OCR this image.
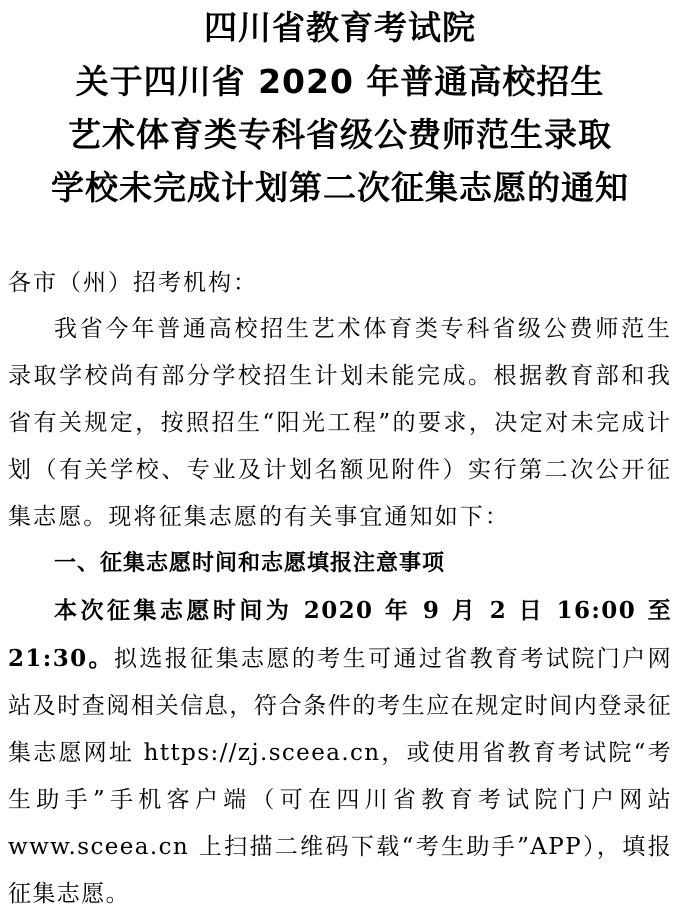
四川省教育考试院
关于四川省 2020 年普通高校招生
艺术体育类专科省级公费师范生录取
学校未完成计划第二次征集志愿的通知

各市（州）招考机构：

我省今年普通高校招生艺术体育类专科省级公费师范生录取学校尚有部分学校招生计划未能完成。根据教育部和我省有关规定，按照招生“阳光工程”的要求，决定对未完成计划（有关学校、专业及计划名额见附件）实行第二次公开征集志愿。现将征集志愿的有关事宜通知如下：

一、征集志愿时间和志愿填报注意事项

本次征集志愿时间为 2020 年 9 月 2 日 16:00 至 21:30。拟选报征集志愿的考生可通过省教育考试院门户网站及时查阅相关信息，符合条件的考生应在规定时间内登录征集志愿网址 https://zj.sceea.cn，或使用省教育考试院“考生助手”手机客户端（可在四川省教育考试院门户网站 www.sceea.cn 上扫描二维码下载“考生助手”APP），填报征集志愿。
